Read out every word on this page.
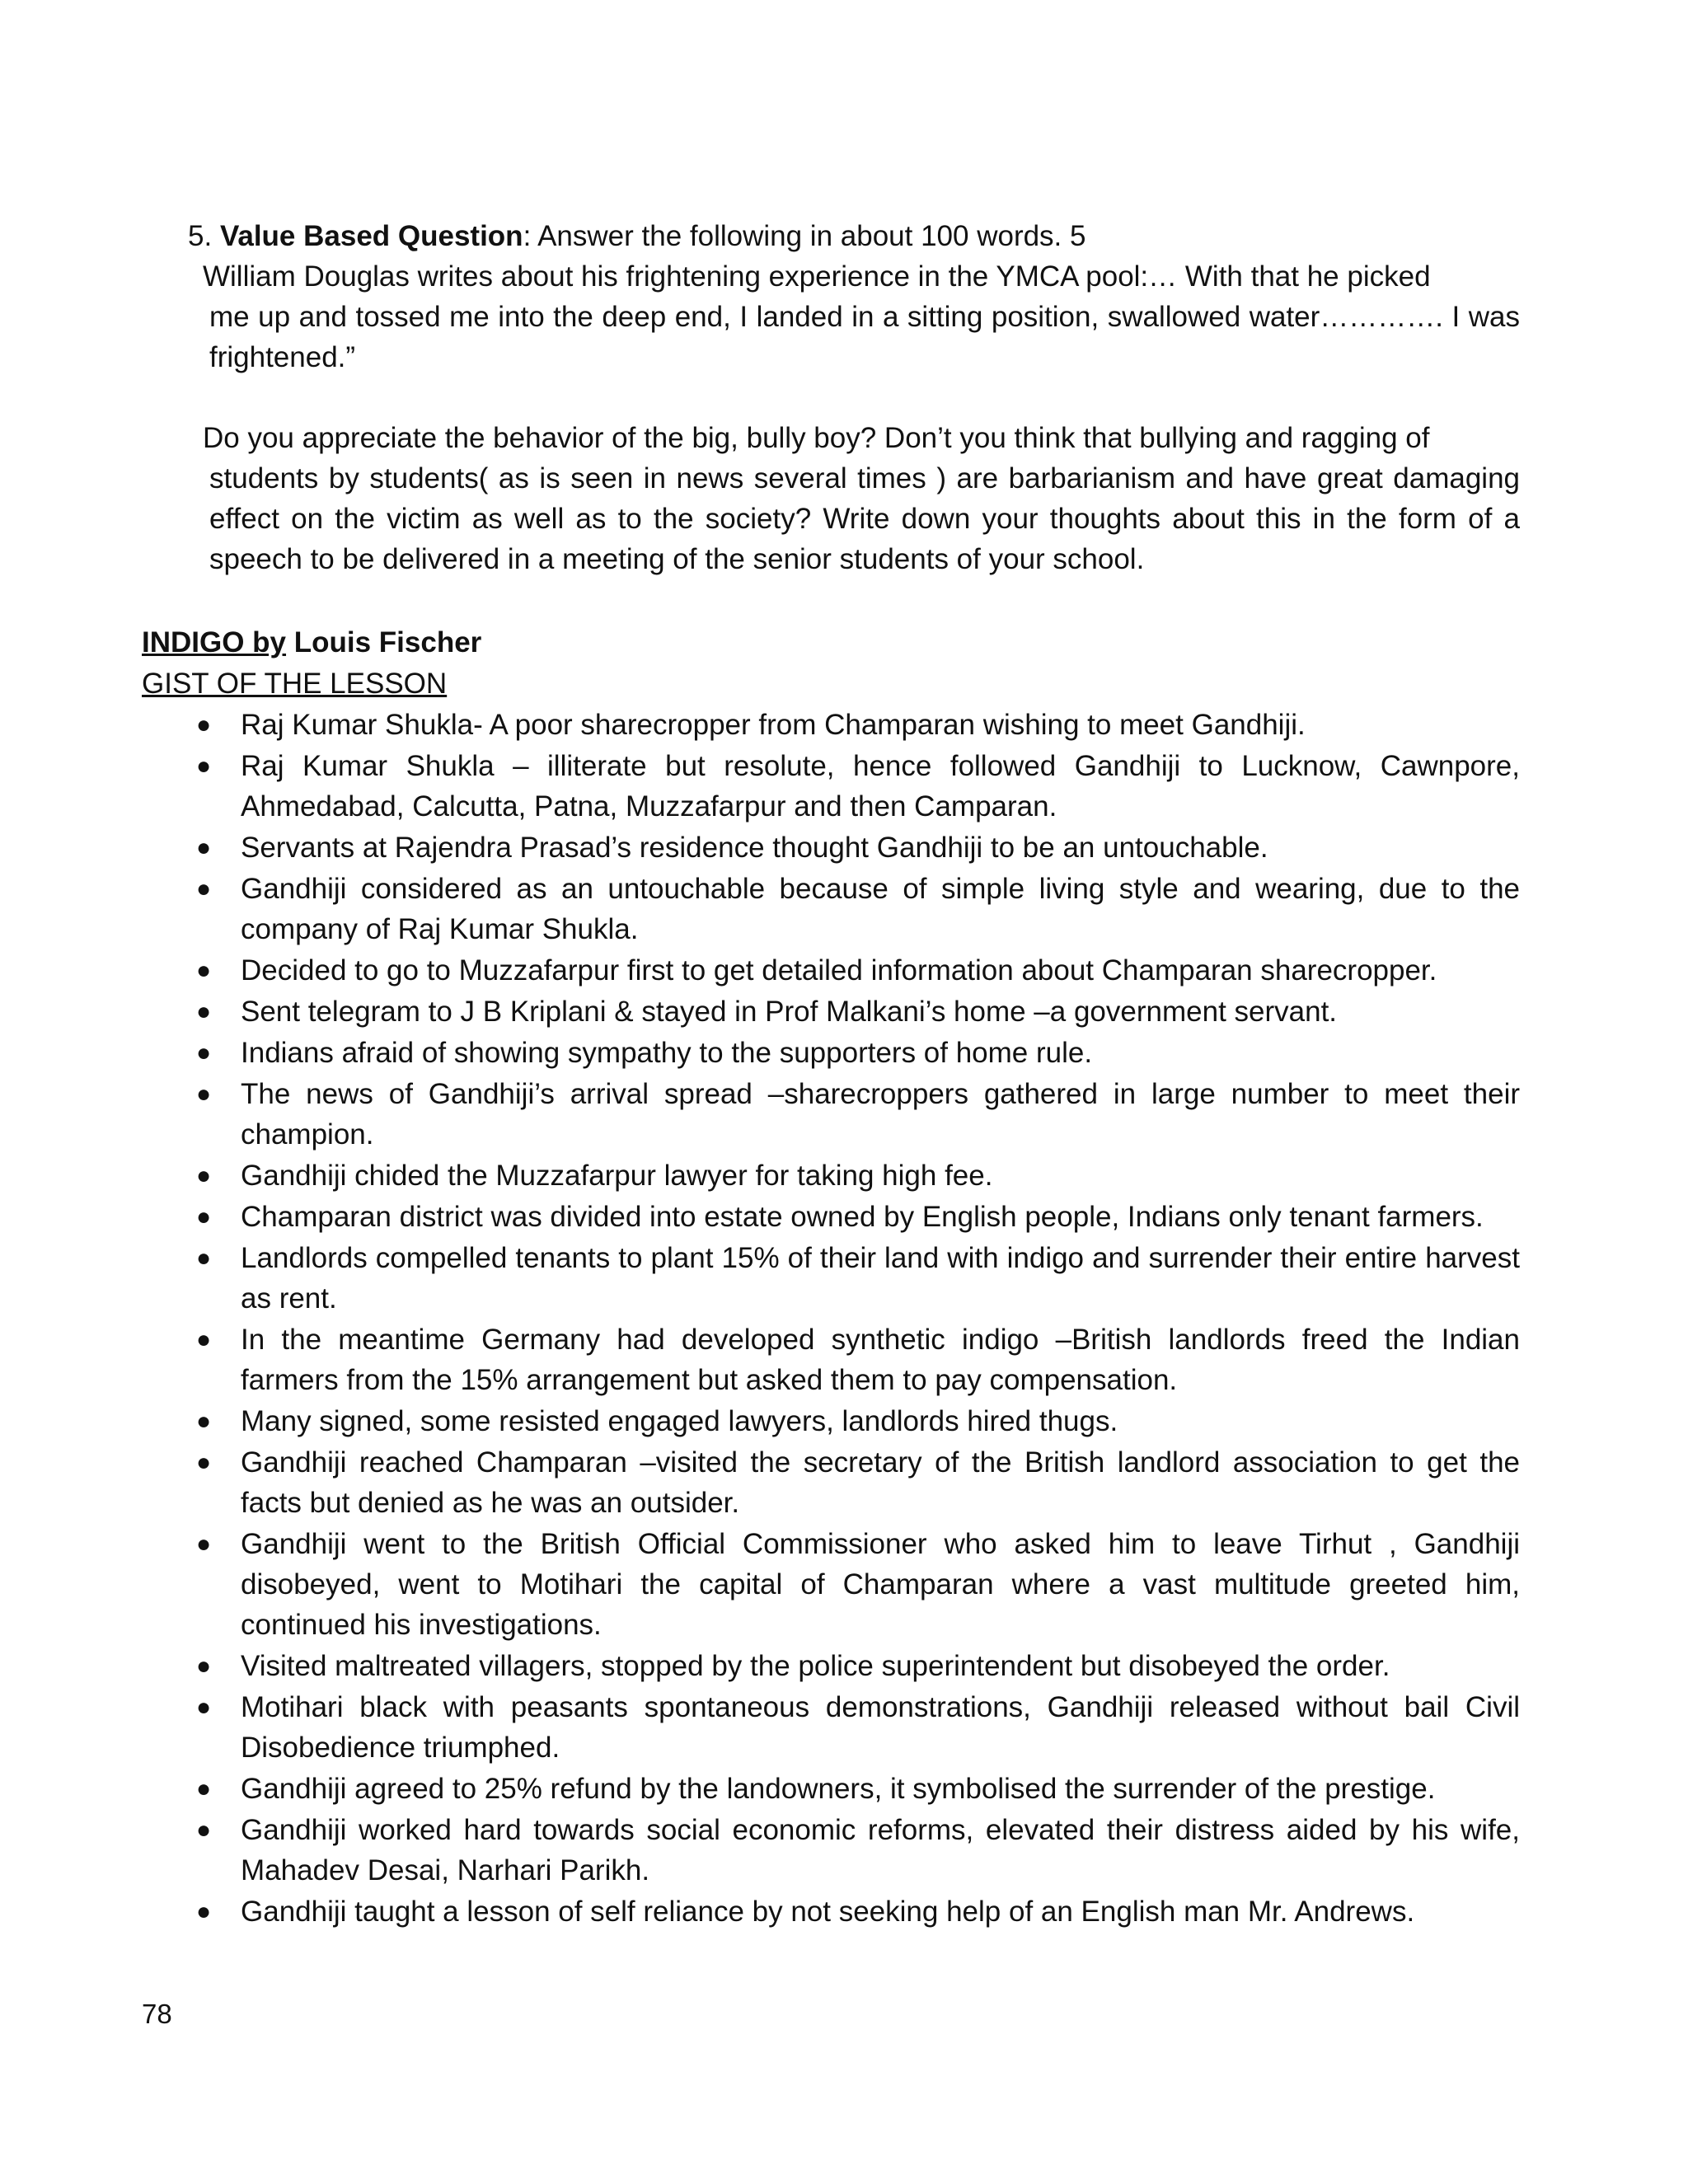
5. Value Based Question: Answer the following in about 100 words. 5
William Douglas writes about his frightening experience in the YMCA pool:… With that he picked
me up and tossed me into the deep end, I landed in a sitting position, swallowed water…………. I was frightened.”
Do you appreciate the behavior of the big, bully boy? Don’t you think that bullying and ragging of
students by students( as is seen in news several times ) are barbarianism and have great damaging effect on the victim as well as to the society? Write down your thoughts about this in the form of a speech to be delivered in a meeting of the senior students of your school.
INDIGO by Louis Fischer
GIST OF THE LESSON
● Raj Kumar Shukla- A poor sharecropper from Champaran wishing to meet Gandhiji.
● Raj Kumar Shukla – illiterate but resolute, hence followed Gandhiji to Lucknow, Cawnpore, Ahmedabad, Calcutta, Patna, Muzzafarpur and then Camparan.
● Servants at Rajendra Prasad’s residence thought Gandhiji to be an untouchable.
● Gandhiji considered as an untouchable because of simple living style and wearing, due to the company of Raj Kumar Shukla.
● Decided to go to Muzzafarpur first to get detailed information about Champaran sharecropper.
● Sent telegram to J B Kriplani & stayed in Prof Malkani’s home –a government servant.
● Indians afraid of showing sympathy to the supporters of home rule.
● The news of Gandhiji’s arrival spread –sharecroppers gathered in large number to meet their champion.
● Gandhiji chided the Muzzafarpur lawyer for taking high fee.
● Champaran district was divided into estate owned by English people, Indians only tenant farmers.
● Landlords compelled tenants to plant 15% of their land with indigo and surrender their entire harvest as rent.
● In the meantime Germany had developed synthetic indigo –British landlords freed the Indian farmers from the 15% arrangement but asked them to pay compensation.
● Many signed, some resisted engaged lawyers, landlords hired thugs.
● Gandhiji reached Champaran –visited the secretary of the British landlord association to get the facts but denied as he was an outsider.
● Gandhiji went to the British Official Commissioner who asked him to leave Tirhut , Gandhiji disobeyed, went to Motihari the capital of Champaran where a vast multitude greeted him, continued his investigations.
● Visited maltreated villagers, stopped by the police superintendent but disobeyed the order.
● Motihari black with peasants spontaneous demonstrations, Gandhiji released without bail Civil Disobedience triumphed.
● Gandhiji agreed to 25% refund by the landowners, it symbolised the surrender of the prestige.
● Gandhiji worked hard towards social economic reforms, elevated their distress aided by his wife, Mahadev Desai, Narhari Parikh.
● Gandhiji taught a lesson of self reliance by not seeking help of an English man Mr. Andrews.
78
